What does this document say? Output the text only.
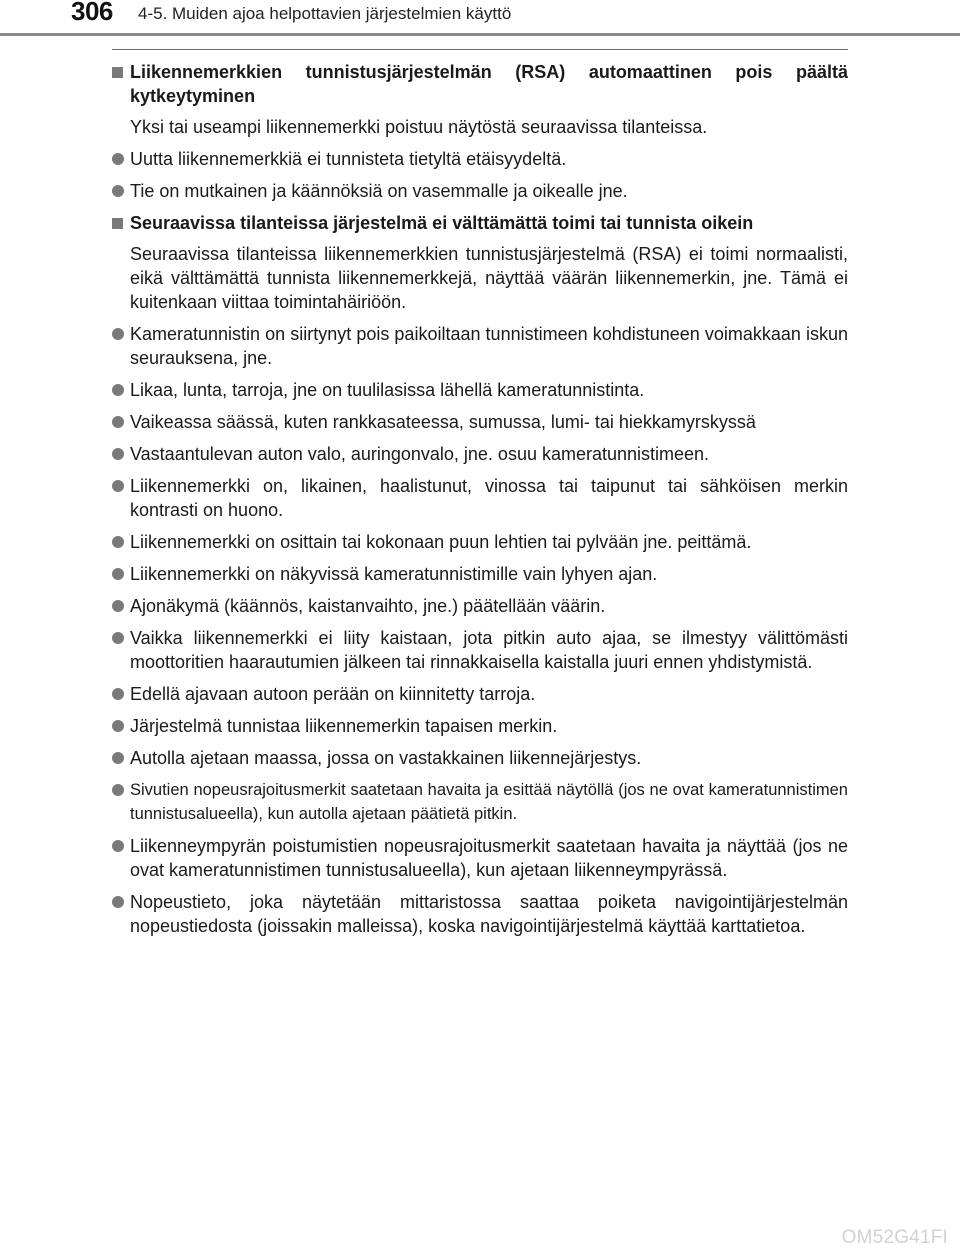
306 4-5. Muiden ajoa helpottavien järjestelmien käyttö
Liikennemerkkien tunnistusjärjestelmän (RSA) automaattinen pois päältä kytkeytyminen

Yksi tai useampi liikennemerkki poistuu näytöstä seuraavissa tilanteissa.

Uutta liikennemerkkiä ei tunnisteta tietyltä etäisyydeltä.
Tie on mutkainen ja käännöksiä on vasemmalle ja oikealle jne.
Seuraavissa tilanteissa järjestelmä ei välttämättä toimi tai tunnista oikein

Seuraavissa tilanteissa liikennemerkkien tunnistusjärjestelmä (RSA) ei toimi normaalisti, eikä välttämättä tunnista liikennemerkkejä, näyttää väärän liikennemerkin, jne. Tämä ei kuitenkaan viittaa toimintahäiriöön.

Kameratunnistin on siirtynyt pois paikoiltaan tunnistimeen kohdistuneen voimakkaan iskun seurauksena, jne.
Likaa, lunta, tarroja, jne on tuulilasissa lähellä kameratunnistinta.
Vaikeassa säässä, kuten rankkasateessa, sumussa, lumi- tai hiekkamyrskyssä
Vastaantulevan auton valo, auringonvalo, jne. osuu kameratunnistimeen.
Liikennemerkki on, likainen, haalistunut, vinossa tai taipunut tai sähköisen merkin kontrasti on huono.
Liikennemerkki on osittain tai kokonaan puun lehtien tai pylvään jne. peittämä.
Liikennemerkki on näkyvissä kameratunnistimille vain lyhyen ajan.
Ajonäkymä (käännös, kaistanvaihto, jne.) päätellään väärin.
Vaikka liikennemerkki ei liity kaistaan, jota pitkin auto ajaa, se ilmestyy välittömästi moottoritien haarautumien jälkeen tai rinnakkaisella kaistalla juuri ennen yhdistymistä.
Edellä ajavaan autoon perään on kiinnitetty tarroja.
Järjestelmä tunnistaa liikennemerkin tapaisen merkin.
Autolla ajetaan maassa, jossa on vastakkainen liikennejärjestys.
Sivutien nopeusrajoitusmerkit saatetaan havaita ja esittää näytöllä (jos ne ovat kameratunnistimen tunnistusalueella), kun autolla ajetaan päätietä pitkin.
Liikenneympyrän poistumistien nopeusrajoitusmerkit saatetaan havaita ja näyttää (jos ne ovat kameratunnistimen tunnistusalueella), kun ajetaan liikenneympyrässä.
Nopeustieto, joka näytetään mittaristossa saattaa poiketa navigointijärjestelmän nopeustiedosta (joissakin malleissa), koska navigointijärjestelmä käyttää karttatietoa.
OM52G41FI
